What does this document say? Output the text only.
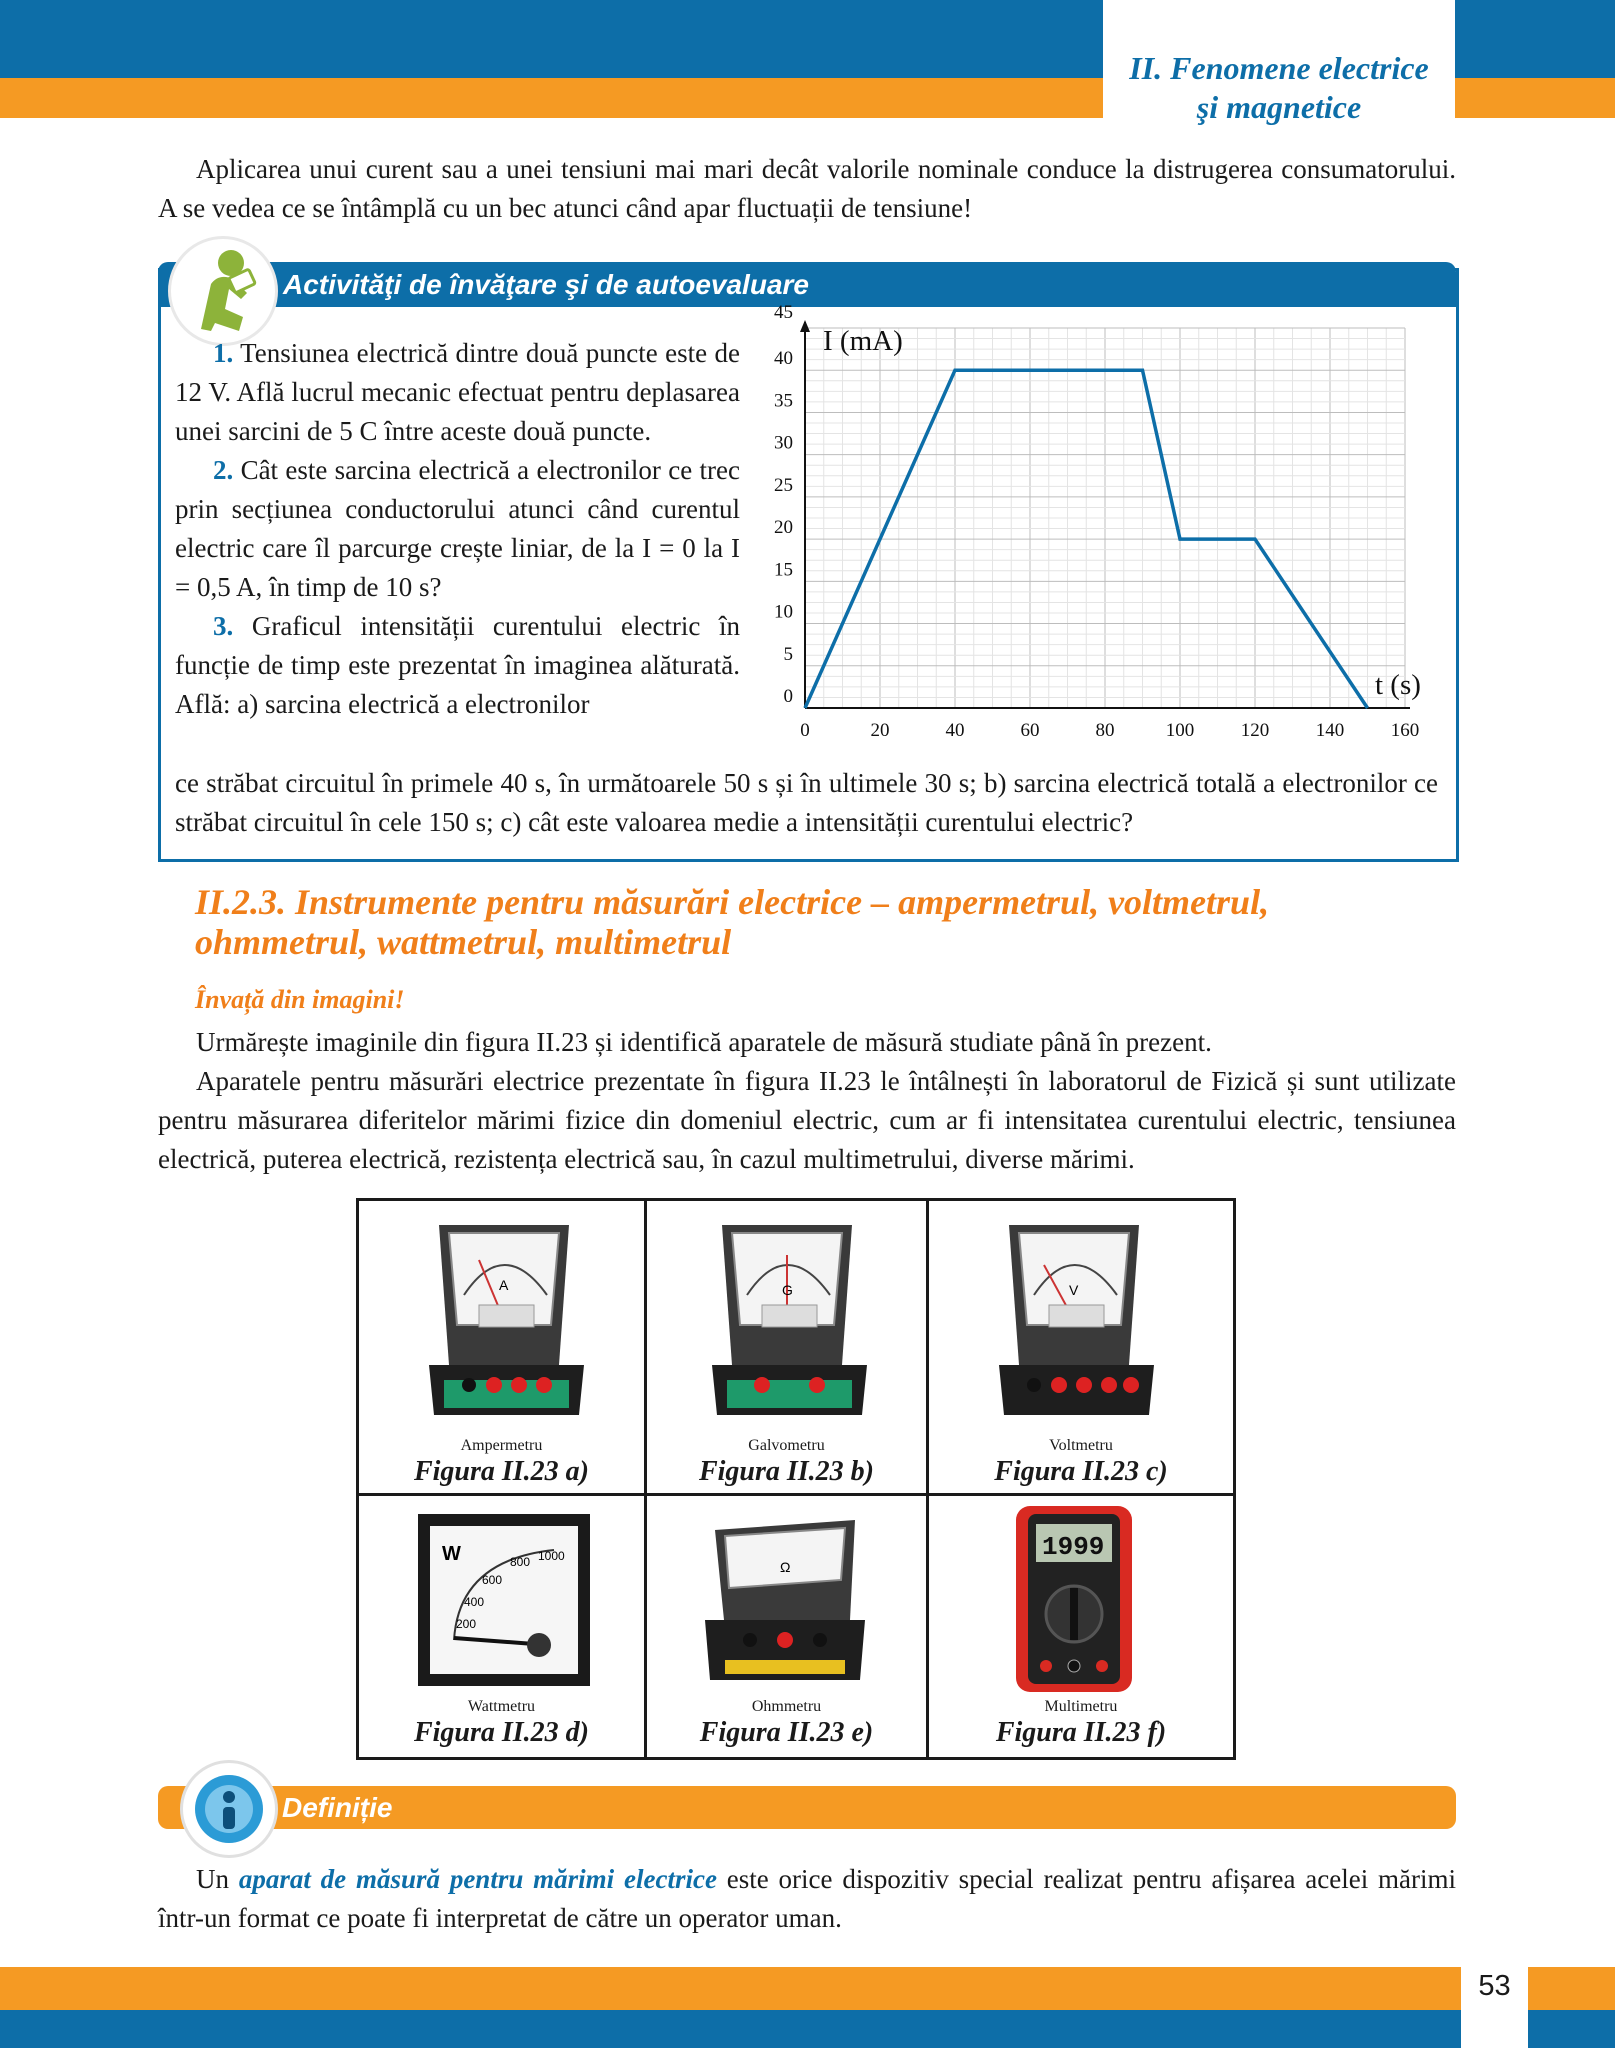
II. Fenomene electrice
şi magnetice
Aplicarea unui curent sau a unei tensiuni mai mari decât valorile nominale conduce la distrugerea consumatorului. A se vedea ce se întâmplă cu un bec atunci când apar fluctuații de tensiune!
Activităţi de învăţare şi de autoevaluare
1. Tensiunea electrică dintre două puncte este de 12 V. Află lucrul mecanic efectuat pentru deplasarea unei sarcini de 5 C între aceste două puncte.
2. Cât este sarcina electrică a electronilor ce trec prin secțiunea conductorului atunci când curentul electric care îl parcurge crește liniar, de la I = 0 la I = 0,5 A, în timp de 10 s?
3. Graficul intensității curentului electric în funcție de timp este prezentat în imaginea alăturată. Află: a) sarcina electrică a electronilor
ce străbat circuitul în primele 40 s, în următoarele 50 s și în ultimele 30 s; b) sarcina electrică totală a electronilor ce străbat circuitul în cele 150 s; c) cât este valoarea medie a intensității curentului electric?
0	20	40	60	80	100 120 140 160
0
5
10
15
20
25
30
35
40
45
I (mA)
t (s)
II.2.3. Instrumente pentru măsurări electrice – ampermetrul, voltmetrul,
ohmmetrul, wattmetrul, multimetrul
Învață din imagini!
Urmărește imaginile din figura II.23 și identifică aparatele de măsură studiate până în prezent.
Aparatele pentru măsurări electrice prezentate în figura II.23 le întâlnești în laboratorul de Fizică și sunt utilizate pentru măsurarea diferitelor mărimi fizice din domeniul electric, cum ar fi intensitatea curentului electric, tensiunea electrică, puterea electrică, rezistența electrică sau, în cazul multimetrului, diverse mărimi.
A
Ampermetru
Figura II.23 a)
G
Galvometru
Figura II.23 b)
V
Voltmetru
Figura II.23 c)
W
200
400
600
800 1000
Wattmetru
Figura II.23 d)
Ω
Ohmmetru
Figura II.23 e)
1999
Multimetru
Figura II.23 f)
Definiție
Un aparat de măsură pentru mărimi electrice este orice dispozitiv special realizat pentru afișarea acelei mărimi într-un format ce poate fi interpretat de către un operator uman.
53
